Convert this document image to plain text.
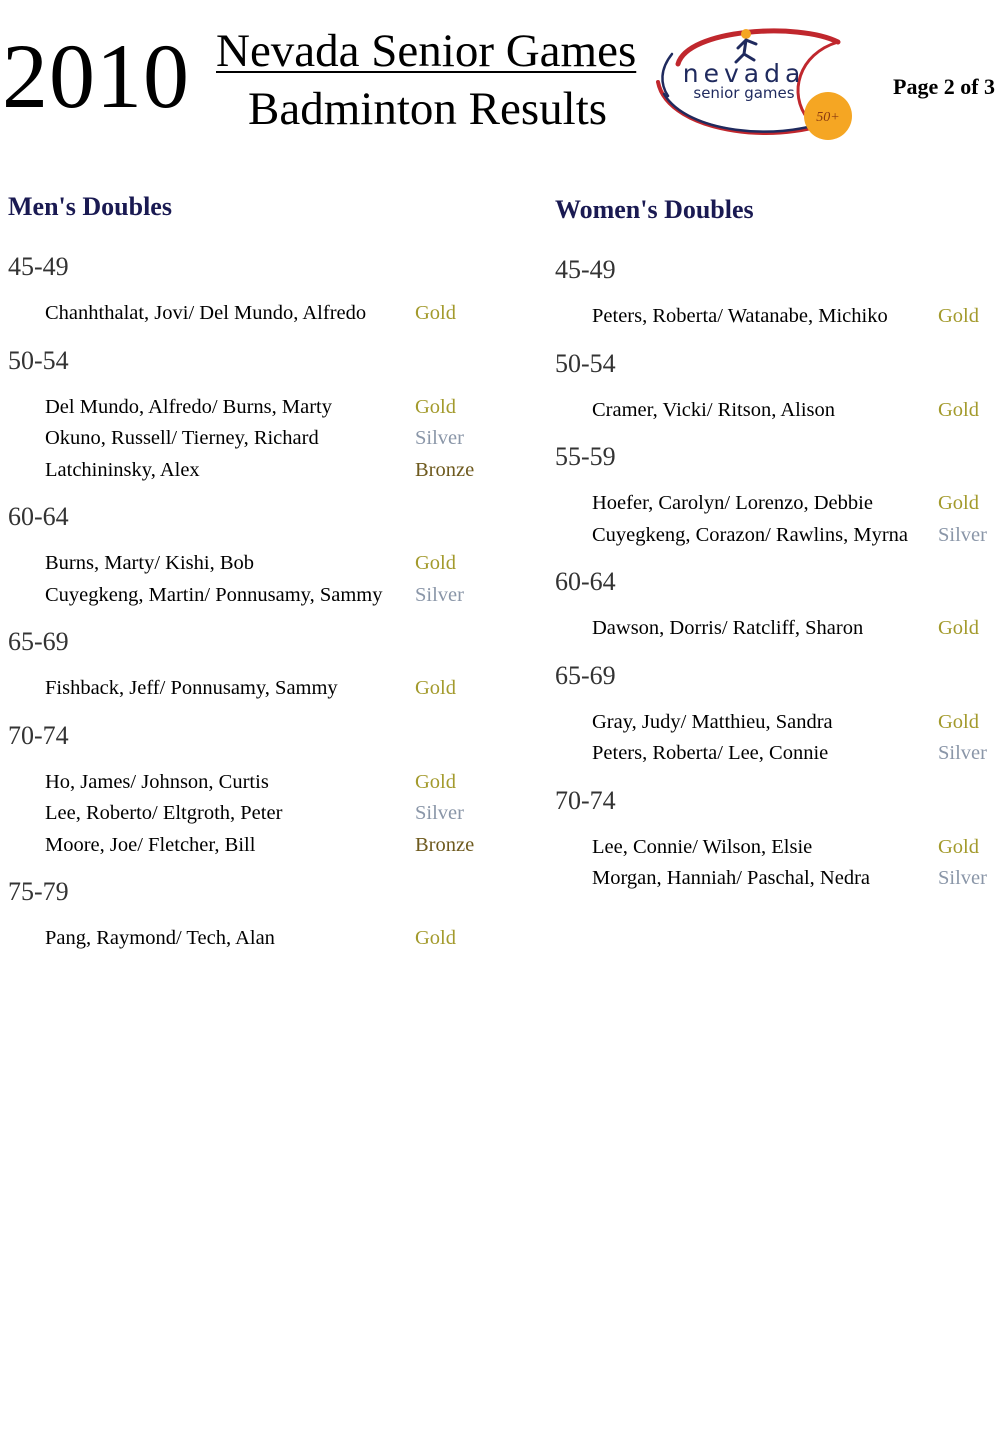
2010 Nevada Senior Games
Badminton Results	50+
nevada
senior games	Page 2 of 3
Men's Doubles
45-49
Chanhthalat, Jovi/ Del Mundo, Alfredo Gold
50-54
Del Mundo, Alfredo/ Burns, Marty	Gold
Okuno, Russell/ Tierney, Richard	Silver
Latchininsky, Alex	Bronze
60-64
Burns, Marty/ Kishi, Bob	Gold
Cuyegkeng, Martin/ Ponnusamy, Sammy Silver
65-69
Fishback, Jeff/ Ponnusamy, Sammy	Gold
70-74
Ho, James/ Johnson, Curtis	Gold
Lee, Roberto/ Eltgroth, Peter	Silver
Moore, Joe/ Fletcher, Bill	Bronze
75-79
Pang, Raymond/ Tech, Alan	Gold
Women's Doubles
45-49
Peters, Roberta/ Watanabe, Michiko Gold
50-54
Cramer, Vicki/ Ritson, Alison	Gold
55-59
Hoefer, Carolyn/ Lorenzo, Debbie	Gold
Cuyegkeng, Corazon/ Rawlins, Myrna Silver
60-64
Dawson, Dorris/ Ratcliff, Sharon	Gold
65-69
Gray, Judy/ Matthieu, Sandra	Gold
Peters, Roberta/ Lee, Connie	Silver
70-74
Lee, Connie/ Wilson, Elsie	Gold
Morgan, Hanniah/ Paschal, Nedra	Silver
